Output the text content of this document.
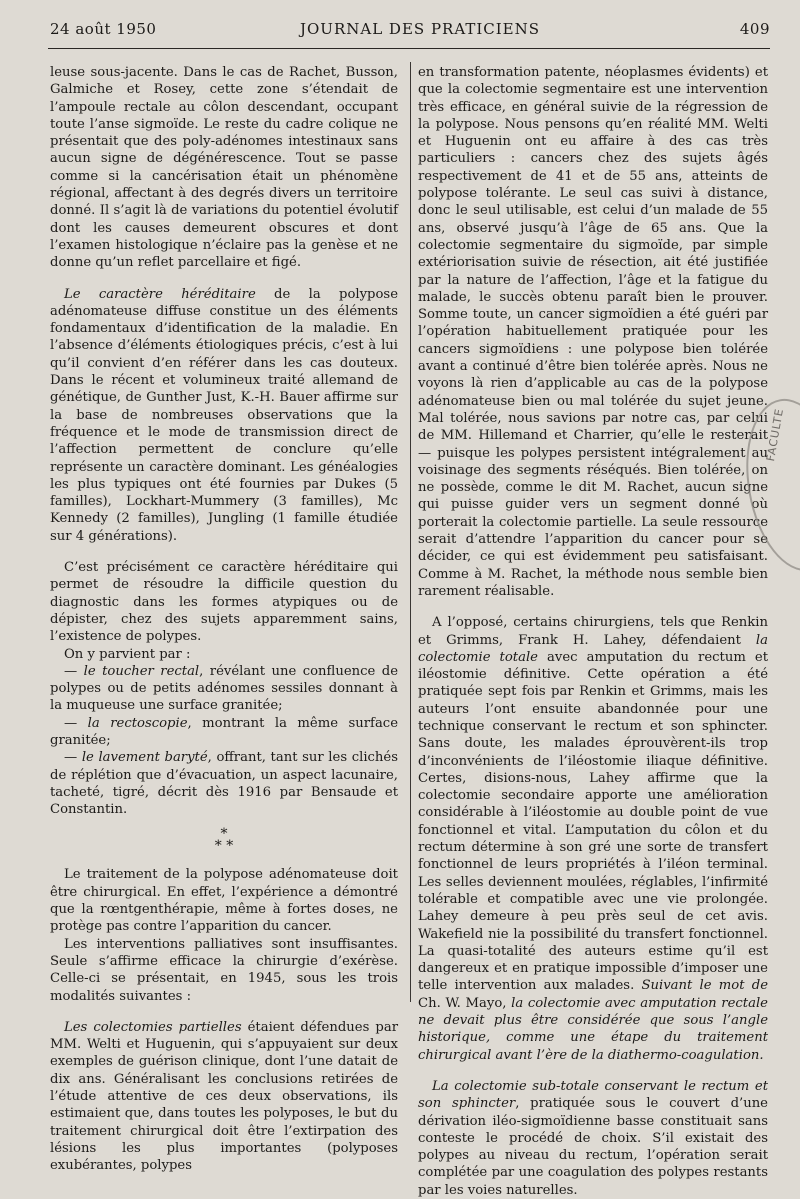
24 août 1950	JOURNAL DES PRATICIENS	409

leuse sous-jacente. Dans le cas de Rachet, Busson, Galmiche et Rosey, cette zone s’étendait de l’ampoule rectale au côlon descendant, occupant toute l’anse sigmoïde. Le reste du cadre colique ne présentait que des poly-adénomes intestinaux sans aucun signe de dégénérescence. Tout se passe comme si la cancérisation était un phénomène régional, affectant à des degrés divers un territoire donné. Il s’agit là de variations du potentiel évolutif dont les causes demeurent obscures et dont l’examen histologique n’éclaire pas la genèse et ne donne qu’un reflet parcellaire et figé.

Le caractère héréditaire de la polypose adénomateuse diffuse constitue un des éléments fondamentaux d’identification de la maladie. En l’absence d’éléments étiologiques précis, c’est à lui qu’il convient d’en référer dans les cas douteux. Dans le récent et volumineux traité allemand de génétique, de Gunther Just, K.-H. Bauer affirme sur la base de nombreuses observations que la fréquence et le mode de transmission direct de l’affection permettent de conclure qu’elle représente un caractère dominant. Les généalogies les plus typiques ont été fournies par Dukes (5 familles), Lockhart-Mummery (3 familles), Mc Kennedy (2 familles), Jungling (1 famille étudiée sur 4 générations).

C’est précisément ce caractère héréditaire qui permet de résoudre la difficile question du diagnostic dans les formes atypiques ou de dépister, chez des sujets apparemment sains, l’existence de polypes.

On y parvient par :

— le toucher rectal, révélant une confluence de polypes ou de petits adénomes sessiles donnant à la muqueuse une surface granitée;

— la rectoscopie, montrant la même surface granitée;

— le lavement baryté, offrant, tant sur les clichés de réplétion que d’évacuation, un aspect lacunaire, tacheté, tigré, décrit dès 1916 par Bensaude et Constantin.

*
* *

Le traitement de la polypose adénomateuse doit être chirurgical. En effet, l’expérience a démontré que la rœntgenthérapie, même à fortes doses, ne protège pas contre l’apparition du cancer.

Les interventions palliatives sont insuffisantes. Seule s’affirme efficace la chirurgie d’exérèse. Celle-ci se présentait, en 1945, sous les trois modalités suivantes :

Les colectomies partielles étaient défendues par MM. Welti et Huguenin, qui s’appuyaient sur deux exemples de guérison clinique, dont l’une datait de dix ans. Généralisant les conclusions retirées de l’étude attentive de ces deux observations, ils estimaient que, dans toutes les polyposes, le but du traitement chirurgical doit être l’extirpation des lésions les plus importantes (polyposes exubérantes, polypes

en transformation patente, néoplasmes évidents) et que la colectomie segmentaire est une intervention très efficace, en général suivie de la régression de la polypose. Nous pensons qu’en réalité MM. Welti et Huguenin ont eu affaire à des cas très particuliers : cancers chez des sujets âgés respectivement de 41 et de 55 ans, atteints de polypose tolérante. Le seul cas suivi à distance, donc le seul utilisable, est celui d’un malade de 55 ans, observé jusqu’à l’âge de 65 ans. Que la colectomie segmentaire du sigmoïde, par simple extériorisation suivie de résection, ait été justifiée par la nature de l’affection, l’âge et la fatigue du malade, le succès obtenu paraît bien le prouver. Somme toute, un cancer sigmoïdien a été guéri par l’opération habituellement pratiquée pour les cancers sigmoïdiens : une polypose bien tolérée avant a continué d’être bien tolérée après. Nous ne voyons là rien d’applicable au cas de la polypose adénomateuse bien ou mal tolérée du sujet jeune. Mal tolérée, nous savions par notre cas, par celui de MM. Hillemand et Charrier, qu’elle le resterait — puisque les polypes persistent intégralement au voisinage des segments réséqués. Bien tolérée, on ne possède, comme le dit M. Rachet, aucun signe qui puisse guider vers un segment donné où porterait la colectomie partielle. La seule ressource serait d’attendre l’apparition du cancer pour se décider, ce qui est évidemment peu satisfaisant. Comme à M. Rachet, la méthode nous semble bien rarement réalisable.

A l’opposé, certains chirurgiens, tels que Renkin et Grimms, Frank H. Lahey, défendaient la colectomie totale avec amputation du rectum et iléostomie définitive. Cette opération a été pratiquée sept fois par Renkin et Grimms, mais les auteurs l’ont ensuite abandonnée pour une technique conservant le rectum et son sphincter. Sans doute, les malades éprouvèrent-ils trop d’inconvénients de l’iléostomie iliaque définitive. Certes, disions-nous, Lahey affirme que la colectomie secondaire apporte une amélioration considérable à l’iléostomie au double point de vue fonctionnel et vital. L’amputation du côlon et du rectum détermine à son gré une sorte de transfert fonctionnel de leurs propriétés à l’iléon terminal. Les selles deviennent moulées, réglables, l’infirmité tolérable et compatible avec une vie prolongée. Lahey demeure à peu près seul de cet avis. Wakefield nie la possibilité du transfert fonctionnel. La quasi-totalité des auteurs estime qu’il est dangereux et en pratique impossible d’imposer une telle intervention aux malades. Suivant le mot de Ch. W. Mayo, la colectomie avec amputation rectale ne devait plus être considérée que sous l’angle historique, comme une étape du traitement chirurgical avant l’ère de la diathermo-coagulation.

La colectomie sub-totale conservant le rectum et son sphincter, pratiquée sous le couvert d’une dérivation iléo-sigmoïdienne basse constituait sans conteste le procédé de choix. S’il existait des polypes au niveau du rectum, l’opération serait complétée par une coagulation des polypes restants par les voies naturelles.

FACULTE
